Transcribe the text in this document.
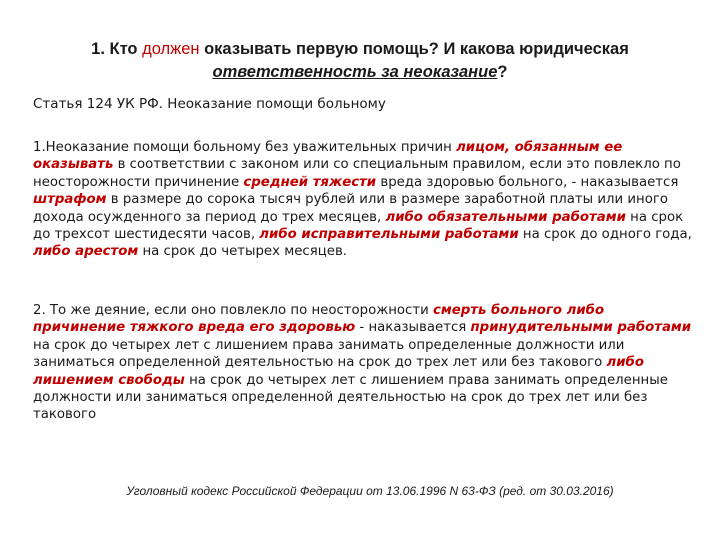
1. Кто должен оказывать первую помощь? И какова юридическая
ответственность за неоказание?
Статья 124 УК РФ. Неоказание помощи больному
1.Неоказание помощи больному без уважительных причин лицом, обязанным ее оказывать в соответствии с законом или со специальным правилом, если это повлекло по неосторожности причинение средней тяжести вреда здоровью больного, - наказывается штрафом в размере до сорока тысяч рублей или в размере заработной платы или иного дохода осужденного за период до трех месяцев, либо обязательными работами на срок до трехсот шестидесяти часов, либо исправительными работами на срок до одного года, либо арестом на срок до четырех месяцев.
2. То же деяние, если оно повлекло по неосторожности смерть больного либо причинение тяжкого вреда его здоровью - наказывается принудительными работами на срок до четырех лет с лишением права занимать определенные должности или заниматься определенной деятельностью на срок до трех лет или без такового либо лишением свободы на срок до четырех лет с лишением права занимать определенные должности или заниматься определенной деятельностью на срок до трех лет или без такового
Уголовный кодекс Российской Федерации от 13.06.1996 N 63-ФЗ (ред. от 30.03.2016)
